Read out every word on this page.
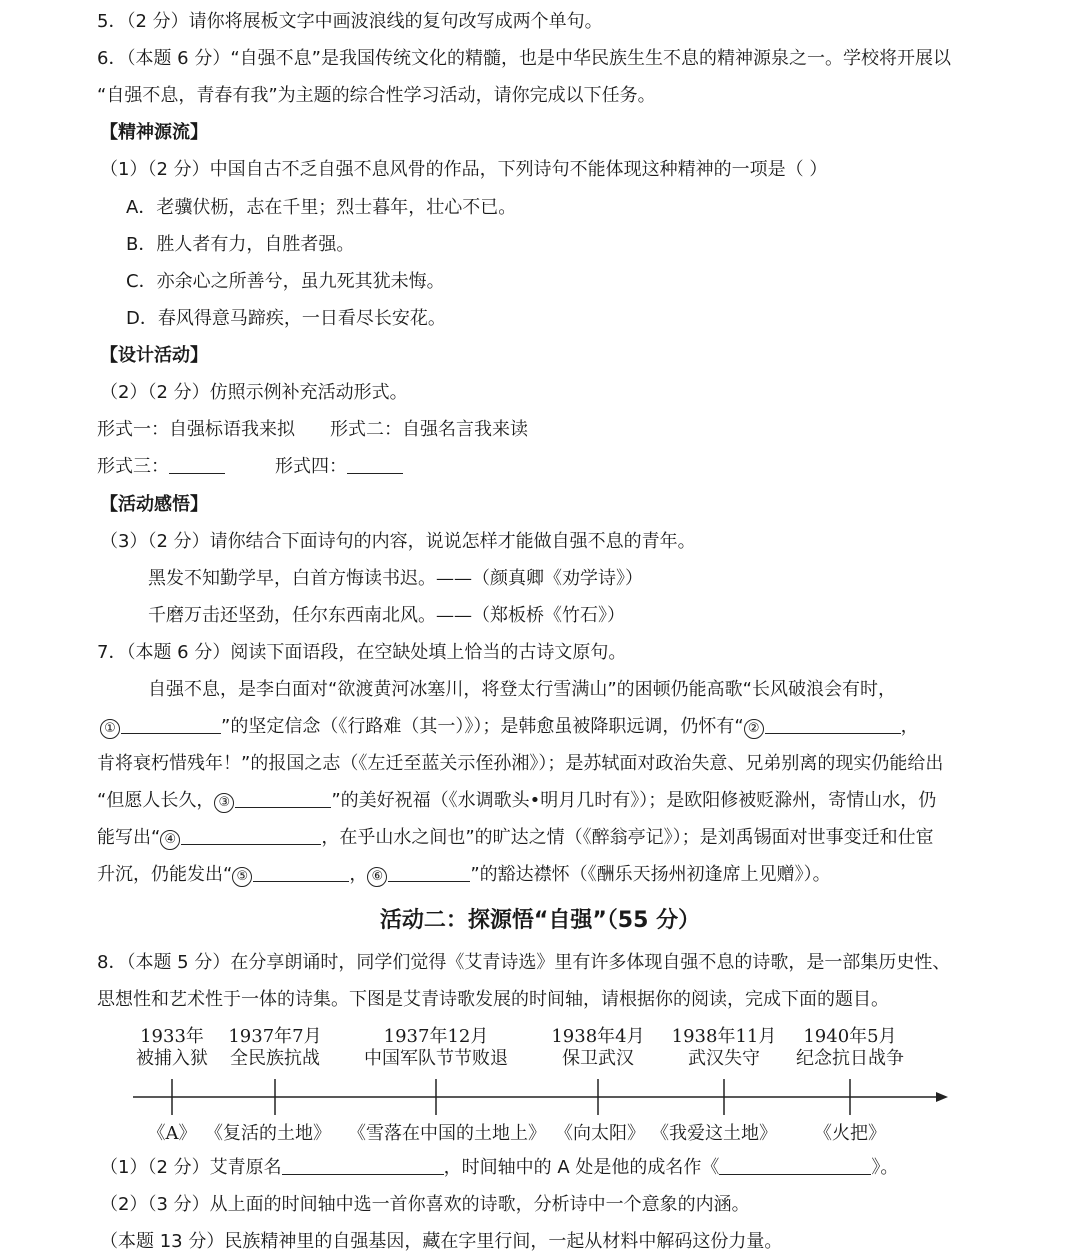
5．（2 分）请你将展板文字中画波浪线的复句改写成两个单句。
6．（本题 6 分）“自强不息”是我国传统文化的精髓，也是中华民族生生不息的精神源泉之一。学校将开展以
“自强不息，青春有我”为主题的综合性学习活动，请你完成以下任务。
【精神源流】
（1）（2 分）中国自古不乏自强不息风骨的作品，下列诗句不能体现这种精神的一项是（ ）
A．老骥伏枥，志在千里；烈士暮年，壮心不已。
B．胜人者有力，自胜者强。
C．亦余心之所善兮，虽九死其犹未悔。
D．春风得意马蹄疾，一日看尽长安花。
【设计活动】
（2）（2 分）仿照示例补充活动形式。
形式一：自强标语我来拟 形式二：自强名言我来读
形式三：	形式四：
【活动感悟】
（3）（2 分）请你结合下面诗句的内容，说说怎样才能做自强不息的青年。
黑发不知勤学早，白首方悔读书迟。——（颜真卿《劝学诗》）
千磨万击还坚劲，任尔东西南北风。——（郑板桥《竹石》）
7．（本题 6 分）阅读下面语段，在空缺处填上恰当的古诗文原句。
自强不息，是李白面对“欲渡黄河冰塞川，将登太行雪满山”的困顿仍能高歌“长风破浪会有时，
①	”的坚定信念（《行路难（其一）》）；是韩愈虽被降职远调，仍怀有“ ②	，
肯将衰朽惜残年！”的报国之志（《左迁至蓝关示侄孙湘》）；是苏轼面对政治失意、兄弟别离的现实仍能给出
“但愿人长久， ③	”的美好祝福（《水调歌头•明月几时有》）；是欧阳修被贬滁州，寄情山水，仍
能写出“ ④	，在乎山水之间也”的旷达之情（《醉翁亭记》）；是刘禹锡面对世事变迁和仕宦
升沉，仍能发出“ ⑤	， ⑥	”的豁达襟怀（《酬乐天扬州初逢席上见赠》）。
活动二：探源悟“自强”（55 分）
8．（本题 5 分）在分享朗诵时，同学们觉得《艾青诗选》里有许多体现自强不息的诗歌，是一部集历史性、
思想性和艺术性于一体的诗集。下图是艾青诗歌发展的时间轴，请根据你的阅读，完成下面的题目。
1933年 1937年7月	1937年12月	1938年4月 1938年11月 1940年5月
被捕入狱 全民族抗战 中国军队节节败退	保卫武汉	武汉失守 纪念抗日战争
《A》 《复活的土地》 《雪落在中国的土地上》 《向太阳》 《我爱这土地》 《火把》
（1）（2 分）艾青原名	，时间轴中的 A 处是他的成名作《	》。
（2）（3 分）从上面的时间轴中选一首你喜欢的诗歌，分析诗中一个意象的内涵。
（本题 13 分）民族精神里的自强基因，藏在字里行间，一起从材料中解码这份力量。
